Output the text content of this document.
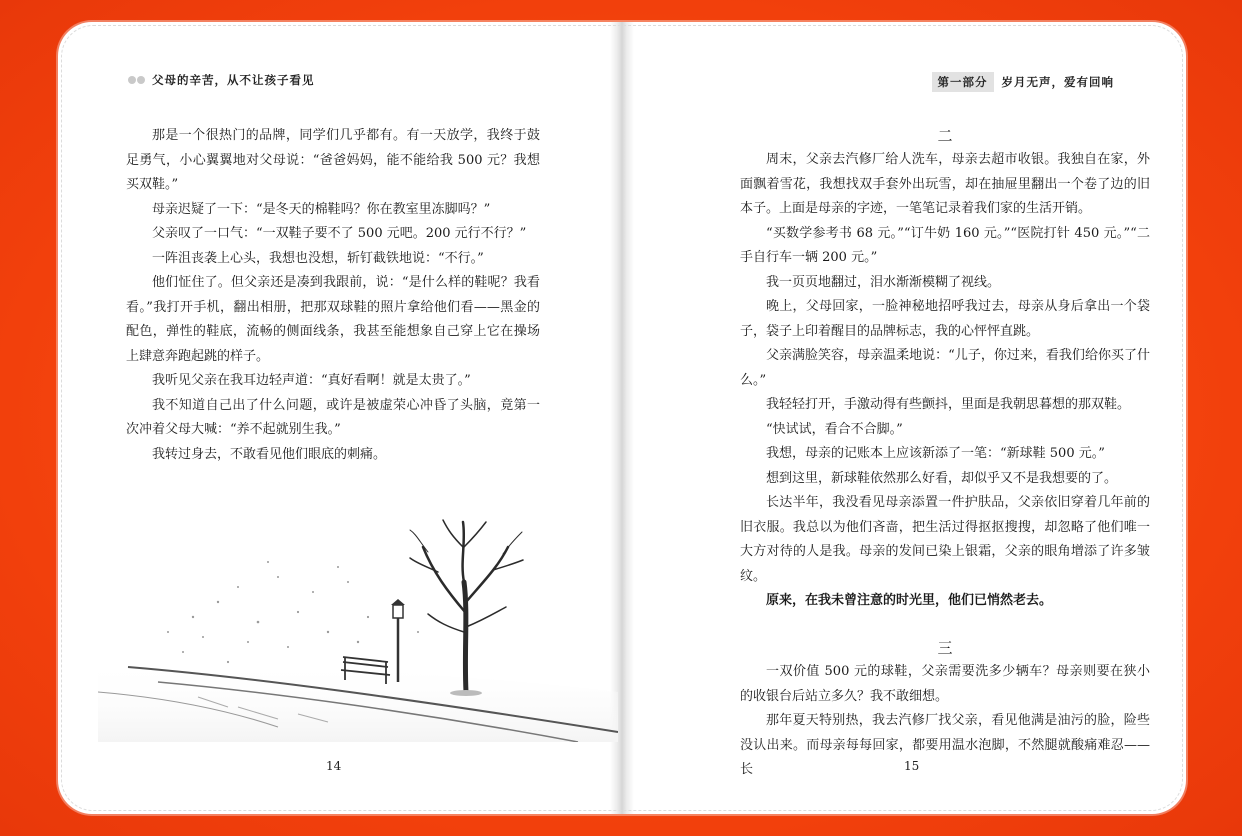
父母的辛苦，从不让孩子看见

那是一个很热门的品牌，同学们几乎都有。有一天放学，我终于鼓足勇气，小心翼翼地对父母说：“爸爸妈妈，能不能给我 500 元？我想买双鞋。”

母亲迟疑了一下：“是冬天的棉鞋吗？你在教室里冻脚吗？”

父亲叹了一口气：“一双鞋子要不了 500 元吧。200 元行不行？”

一阵沮丧袭上心头，我想也没想，斩钉截铁地说：“不行。”

他们怔住了。但父亲还是凑到我跟前，说：“是什么样的鞋呢？我看看。”我打开手机，翻出相册，把那双球鞋的照片拿给他们看——黑金的配色，弹性的鞋底，流畅的侧面线条，我甚至能想象自己穿上它在操场上肆意奔跑起跳的样子。

我听见父亲在我耳边轻声道：“真好看啊！就是太贵了。”

我不知道自己出了什么问题，或许是被虚荣心冲昏了头脑，竟第一次冲着父母大喊：“养不起就别生我。”

我转过身去，不敢看见他们眼底的刺痛。

14
第一部分	岁月无声，爱有回响

二

周末，父亲去汽修厂给人洗车，母亲去超市收银。我独自在家，外面飘着雪花，我想找双手套外出玩雪，却在抽屉里翻出一个卷了边的旧本子。上面是母亲的字迹，一笔笔记录着我们家的生活开销。

“买数学参考书 68 元。”“订牛奶 160 元。”“医院打针 450 元。”“二手自行车一辆 200 元。”

我一页页地翻过，泪水渐渐模糊了视线。

晚上，父母回家，一脸神秘地招呼我过去，母亲从身后拿出一个袋子，袋子上印着醒目的品牌标志，我的心怦怦直跳。

父亲满脸笑容，母亲温柔地说：“儿子，你过来，看我们给你买了什么。”

我轻轻打开，手激动得有些颤抖，里面是我朝思暮想的那双鞋。

“快试试，看合不合脚。”

我想，母亲的记账本上应该新添了一笔：“新球鞋 500 元。”

想到这里，新球鞋依然那么好看，却似乎又不是我想要的了。

长达半年，我没看见母亲添置一件护肤品，父亲依旧穿着几年前的旧衣服。我总以为他们吝啬，把生活过得抠抠搜搜，却忽略了他们唯一大方对待的人是我。母亲的发间已染上银霜，父亲的眼角增添了许多皱纹。

原来，在我未曾注意的时光里，他们已悄然老去。

三

一双价值 500 元的球鞋，父亲需要洗多少辆车？母亲则要在狭小的收银台后站立多久？我不敢细想。

那年夏天特别热，我去汽修厂找父亲，看见他满是油污的脸，险些没认出来。而母亲每每回家，都要用温水泡脚，不然腿就酸痛难忍——长	15
